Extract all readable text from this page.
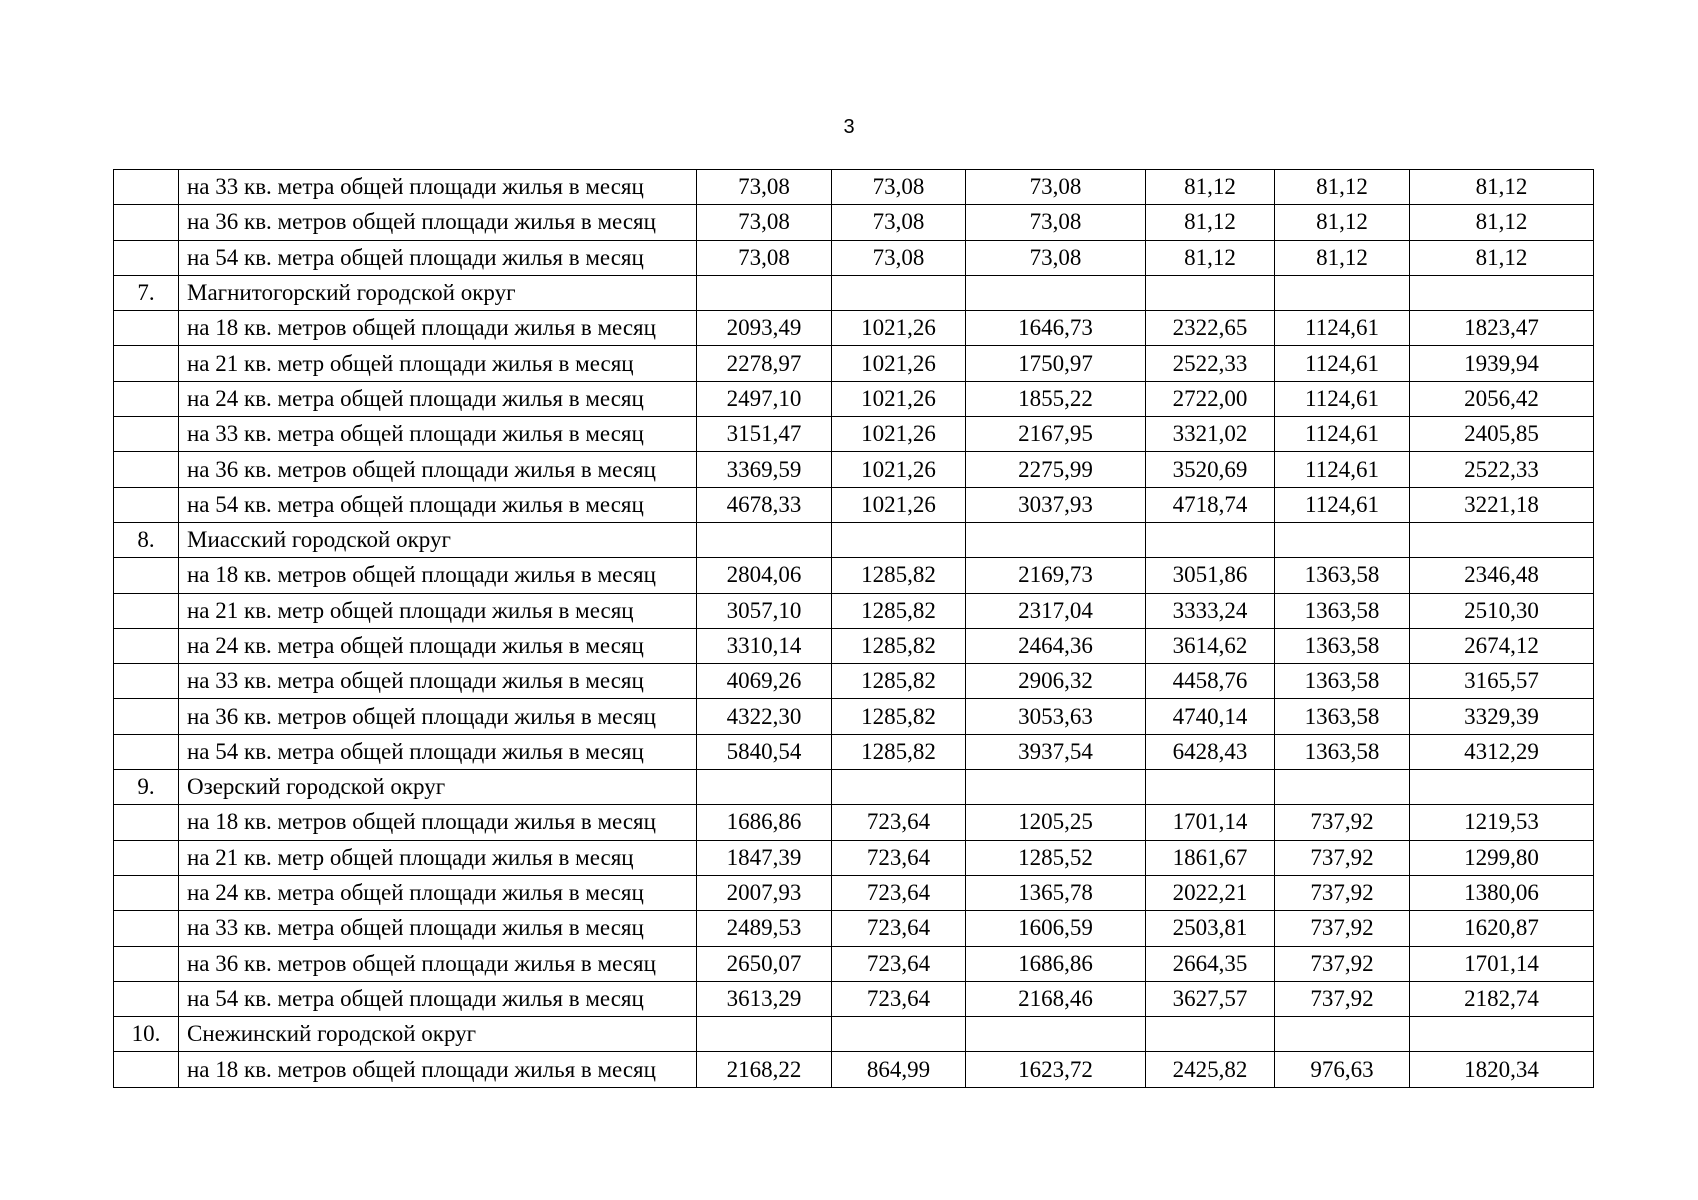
3
	на 33 кв. метра общей площади жилья в месяц	73,08	73,08	73,08	81,12	81,12	81,12
	на 36 кв. метров общей площади жилья в месяц	73,08	73,08	73,08	81,12	81,12	81,12
	на 54 кв. метра общей площади жилья в месяц	73,08	73,08	73,08	81,12	81,12	81,12
7.	Магнитогорский городской округ						
	на 18 кв. метров общей площади жилья в месяц	2093,49	1021,26	1646,73	2322,65	1124,61	1823,47
	на 21 кв. метр общей площади жилья в месяц	2278,97	1021,26	1750,97	2522,33	1124,61	1939,94
	на 24 кв. метра общей площади жилья в месяц	2497,10	1021,26	1855,22	2722,00	1124,61	2056,42
	на 33 кв. метра общей площади жилья в месяц	3151,47	1021,26	2167,95	3321,02	1124,61	2405,85
	на 36 кв. метров общей площади жилья в месяц	3369,59	1021,26	2275,99	3520,69	1124,61	2522,33
	на 54 кв. метра общей площади жилья в месяц	4678,33	1021,26	3037,93	4718,74	1124,61	3221,18
8.	Миасский городской округ						
	на 18 кв. метров общей площади жилья в месяц	2804,06	1285,82	2169,73	3051,86	1363,58	2346,48
	на 21 кв. метр общей площади жилья в месяц	3057,10	1285,82	2317,04	3333,24	1363,58	2510,30
	на 24 кв. метра общей площади жилья в месяц	3310,14	1285,82	2464,36	3614,62	1363,58	2674,12
	на 33 кв. метра общей площади жилья в месяц	4069,26	1285,82	2906,32	4458,76	1363,58	3165,57
	на 36 кв. метров общей площади жилья в месяц	4322,30	1285,82	3053,63	4740,14	1363,58	3329,39
	на 54 кв. метра общей площади жилья в месяц	5840,54	1285,82	3937,54	6428,43	1363,58	4312,29
9.	Озерский городской округ						
	на 18 кв. метров общей площади жилья в месяц	1686,86	723,64	1205,25	1701,14	737,92	1219,53
	на 21 кв. метр общей площади жилья в месяц	1847,39	723,64	1285,52	1861,67	737,92	1299,80
	на 24 кв. метра общей площади жилья в месяц	2007,93	723,64	1365,78	2022,21	737,92	1380,06
	на 33 кв. метра общей площади жилья в месяц	2489,53	723,64	1606,59	2503,81	737,92	1620,87
	на 36 кв. метров общей площади жилья в месяц	2650,07	723,64	1686,86	2664,35	737,92	1701,14
	на 54 кв. метра общей площади жилья в месяц	3613,29	723,64	2168,46	3627,57	737,92	2182,74
10.	Снежинский городской округ						
	на 18 кв. метров общей площади жилья в месяц	2168,22	864,99	1623,72	2425,82	976,63	1820,34
